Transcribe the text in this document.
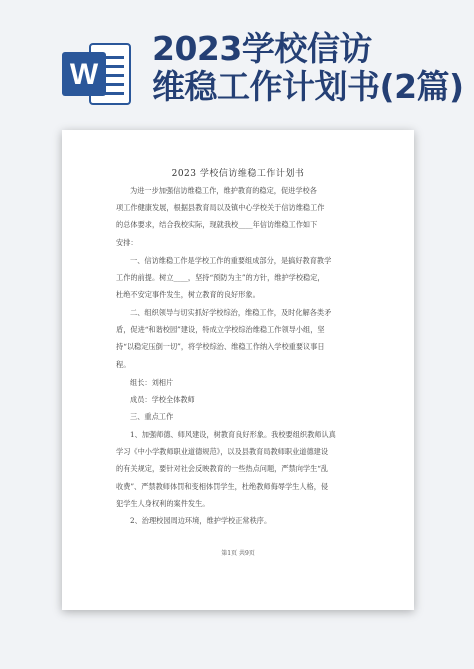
W
2023学校信访
维稳工作计划书(2篇)
2023 学校信访维稳工作计划书
为进一步加强信访维稳工作，维护教育的稳定，促进学校各
项工作健康发展，根据县教育局以及镇中心学校关于信访维稳工作
的总体要求，结合我校实际，现就我校____年信访维稳工作如下
安排：
一、信访维稳工作是学校工作的重要组成部分，是搞好教育教学
工作的前提。树立____，坚持“预防为主”的方针，维护学校稳定，
杜绝不安定事件发生，树立教育的良好形象。
二、组织领导与切实抓好学校综治，维稳工作，及时化解各类矛
盾，促进“和谐校园”建设，特成立学校综治维稳工作领导小组，坚
持“以稳定压倒一切”，将学校综治、维稳工作纳入学校重要议事日
程。
组长：刘相片
成员：学校全体教师
三、重点工作
1、加强师德、师风建设，树教育良好形象。我校要组织教师认真
学习《中小学教师职业道德规范》，以及县教育局教师职业道德建设
的有关规定，要针对社会反映教育的一些热点问题，严禁向学生“乱
收费”、严禁教师体罚和变相体罚学生，杜绝教师侮辱学生人格，侵
犯学生人身权利的案件发生。
2、治理校园周边环境，维护学校正常秩序。
第1页 共9页
